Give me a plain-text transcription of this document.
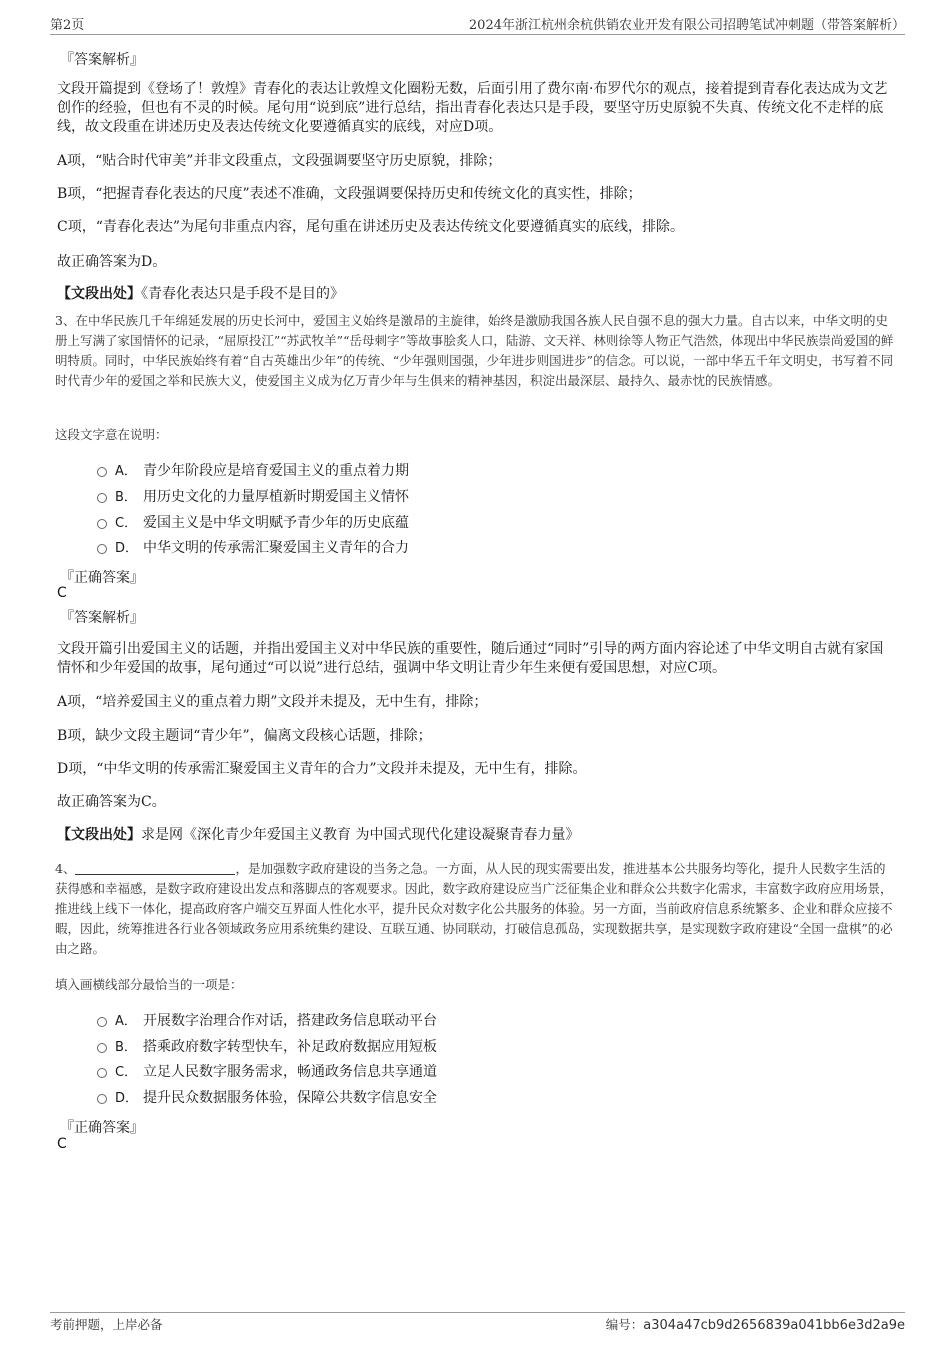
第2页	2024年浙江杭州余杭供销农业开发有限公司招聘笔试冲刺题（带答案解析）
『答案解析』
文段开篇提到《登场了！敦煌》青春化的表达让敦煌文化圈粉无数，后面引用了费尔南·布罗代尔的观点，接着提到青春化表达成为文艺创作的经验，但也有不灵的时候。尾句用“说到底”进行总结，指出青春化表达只是手段，要坚守历史原貌不失真、传统文化不走样的底线，故文段重在讲述历史及表达传统文化要遵循真实的底线，对应D项。
A项，“贴合时代审美”并非文段重点，文段强调要坚守历史原貌，排除；
B项，“把握青春化表达的尺度”表述不准确，文段强调要保持历史和传统文化的真实性，排除；
C项，“青春化表达”为尾句非重点内容，尾句重在讲述历史及表达传统文化要遵循真实的底线，排除。
故正确答案为D。
【文段出处】《青春化表达只是手段不是目的》
3、在中华民族几千年绵延发展的历史长河中，爱国主义始终是激昂的主旋律，始终是激励我国各族人民自强不息的强大力量。自古以来，中华文明的史册上写满了家国情怀的记录，“屈原投江”“苏武牧羊”“岳母刺字”等故事脍炙人口，陆游、文天祥、林则徐等人物正气浩然，体现出中华民族崇尚爱国的鲜明特质。同时，中华民族始终有着“自古英雄出少年”的传统、“少年强则国强，少年进步则国进步”的信念。可以说，一部中华五千年文明史，书写着不同时代青少年的爱国之举和民族大义，使爱国主义成为亿万青少年与生俱来的精神基因，积淀出最深层、最持久、最赤忱的民族情感。
这段文字意在说明：
A． 青少年阶段应是培育爱国主义的重点着力期
B． 用历史文化的力量厚植新时期爱国主义情怀
C． 爱国主义是中华文明赋予青少年的历史底蕴
D． 中华文明的传承需汇聚爱国主义青年的合力
『正确答案』
C
『答案解析』
文段开篇引出爱国主义的话题，并指出爱国主义对中华民族的重要性，随后通过“同时”引导的两方面内容论述了中华文明自古就有家国情怀和少年爱国的故事，尾句通过“可以说”进行总结，强调中华文明让青少年生来便有爱国思想，对应C项。
A项，“培养爱国主义的重点着力期”文段并未提及，无中生有，排除；
B项，缺少文段主题词“青少年”，偏离文段核心话题，排除；
D项，“中华文明的传承需汇聚爱国主义青年的合力”文段并未提及，无中生有，排除。
故正确答案为C。
【文段出处】求是网《深化青少年爱国主义教育 为中国式现代化建设凝聚青春力量》
4、	，是加强数字政府建设的当务之急。一方面，从人民的现实需要出发，推进基本公共服务均等化，提升人民数字生活的获得感和幸福感，是数字政府建设出发点和落脚点的客观要求。因此，数字政府建设应当广泛征集企业和群众公共数字化需求，丰富数字政府应用场景，推进线上线下一体化，提高政府客户端交互界面人性化水平，提升民众对数字化公共服务的体验。另一方面，当前政府信息系统繁多、企业和群众应接不暇，因此，统筹推进各行业各领域政务应用系统集约建设、互联互通、协同联动，打破信息孤岛，实现数据共享，是实现数字政府建设“全国一盘棋”的必由之路。
填入画横线部分最恰当的一项是：
A． 开展数字治理合作对话，搭建政务信息联动平台
B． 搭乘政府数字转型快车，补足政府数据应用短板
C． 立足人民数字服务需求，畅通政务信息共享通道
D． 提升民众数据服务体验，保障公共数字信息安全
『正确答案』
C
考前押题，上岸必备	编号：a304a47cb9d2656839a041bb6e3d2a9e
